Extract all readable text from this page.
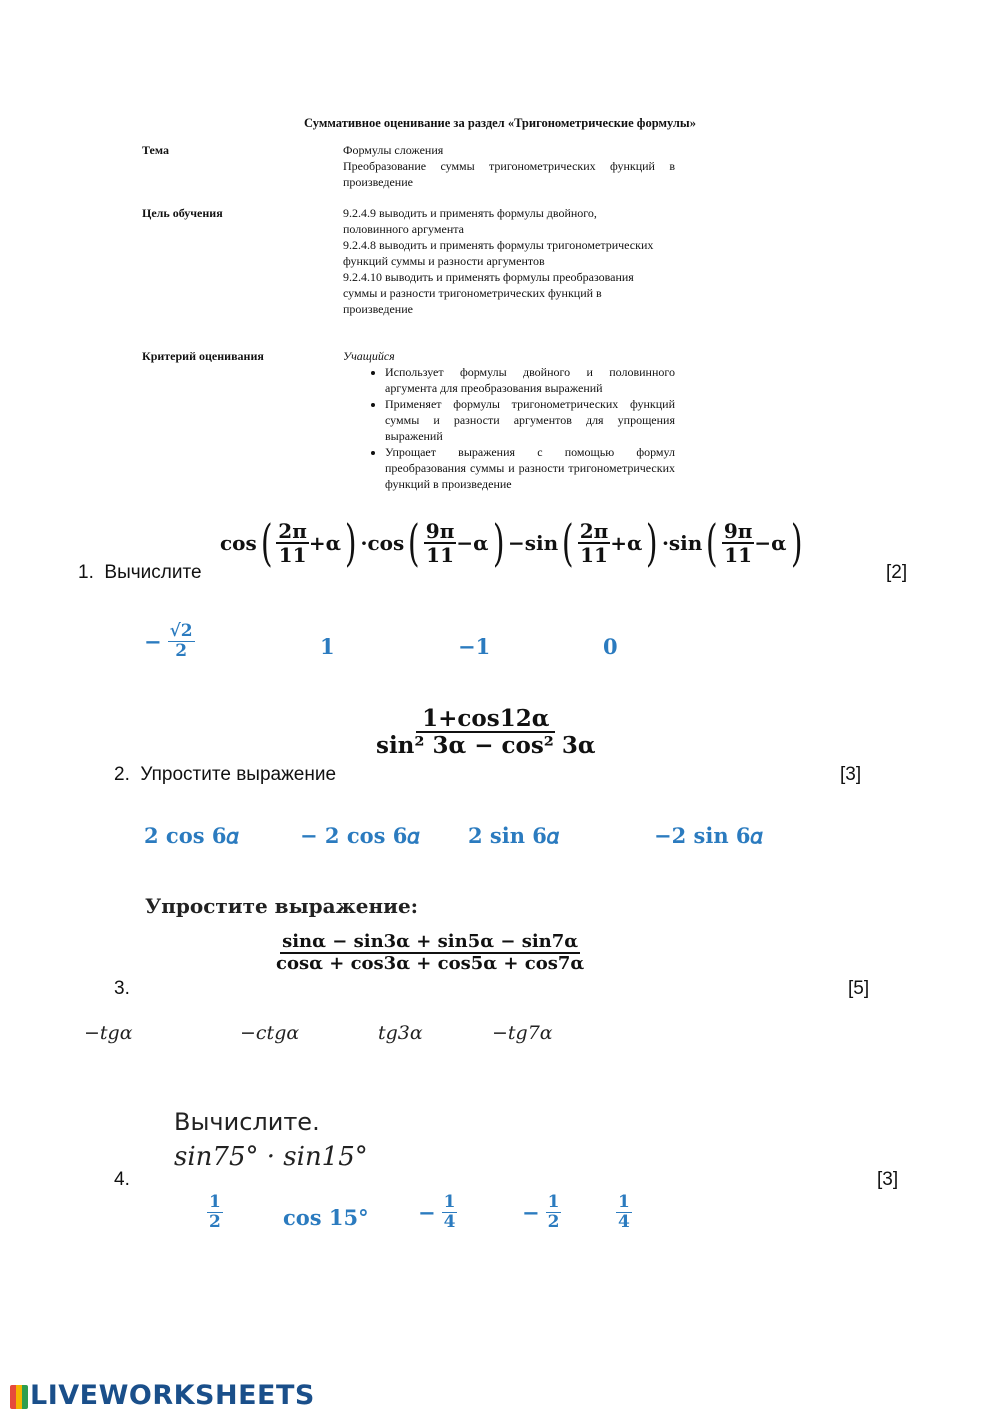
Суммативное оценивание за раздел «Тригонометрические формулы»
Тема	Формулы сложения
Преобразование суммы тригонометрических функций в произведение
Цель обучения	9.2.4.9 выводить и применять формулы двойного, половинного аргумента
9.2.4.8 выводить и применять формулы тригонометрических функций суммы и разности аргументов
9.2.4.10 выводить и применять формулы преобразования суммы и разности тригонометрических функций в произведение
Критерий оценивания	Учащийся
• Использует формулы двойного и половинного аргумента для преобразования выражений
• Применяет формулы тригонометрических функций суммы и разности аргументов для упрощения выражений
• Упрощает выражения с помощью формул преобразования суммы и разности тригонометрических функций в произведение
1. Вычислите
cos ( $\frac{2\pi}{11} +\alpha$ ) · cos ( $\frac{9\pi}{11} -\alpha$ ) − sin ( $\frac{2\pi}{11} +\alpha$ ) · sin ( $\frac{9\pi}{11} -\alpha$ )
[2]
− $\frac{√2}{2}$	1	−1	0
2. Упростите выражение
$\frac{1+\cos 12\alpha}{\text{sin² 3α − cos² 3α}}$
[3]
2 cos 6𝛼	− 2 cos 6𝛼 2 sin 6𝛼	−2 sin 6𝛼
Упростите выражение:
$\frac{\sin\alpha - \sin 3\alpha + \sin 5\alpha - \sin 7\alpha}{\cos\alpha + \cos 3\alpha + \cos 5\alpha + \cos 7\alpha}$
3.	[5]
−𝑡𝑔𝛼	−𝑐𝑡𝑔𝛼	𝑡𝑔3𝛼	−𝑡𝑔7𝛼
Вычислите.
sin75° · sin15°
4.	[3]
$\frac{1}{2}$	$\cos 15^\circ - \frac{1}{4}$	− $\frac{1}{2}$	$\frac{1}{4}$
LIVEWORKSHEETS
